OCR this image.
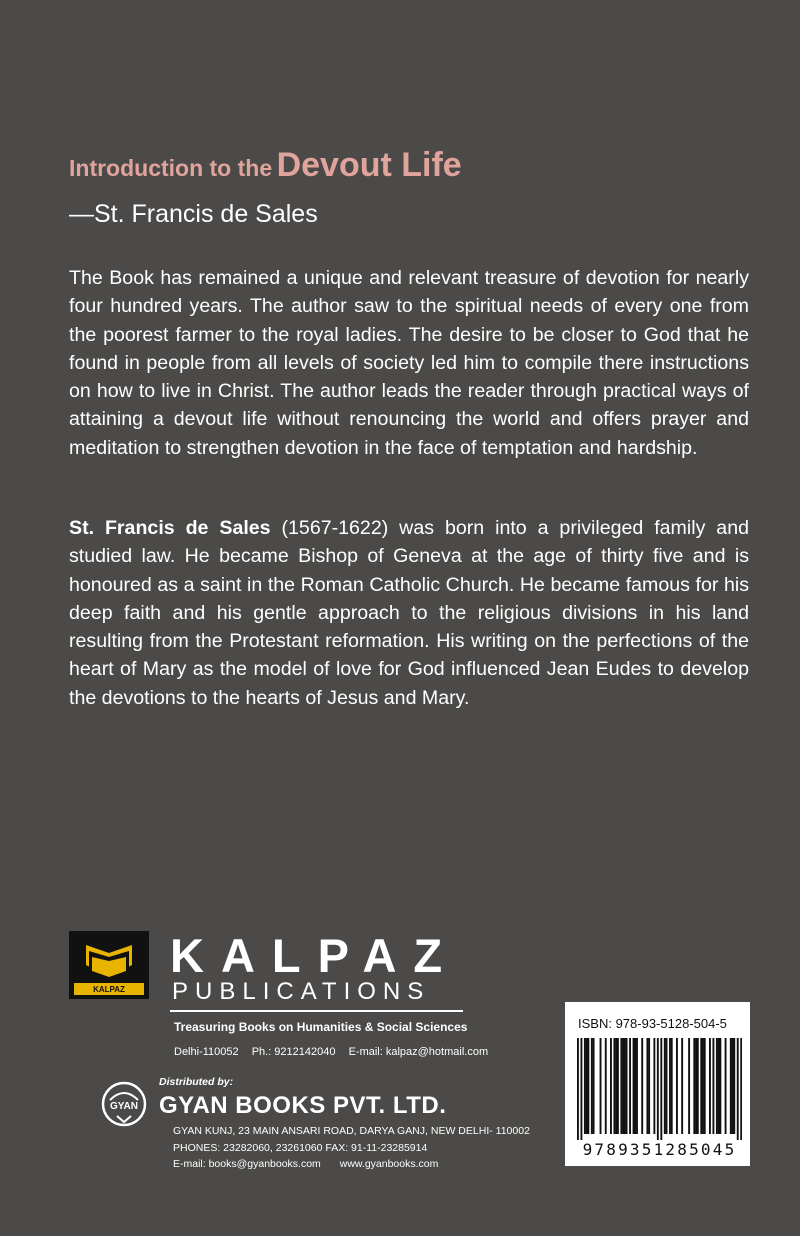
Introduction to the Devout Life
—St. Francis de Sales

The Book has remained a unique and relevant treasure of devotion for nearly four hundred years. The author saw to the spiritual needs of every one from the poorest farmer to the royal ladies. The desire to be closer to God that he found in people from all levels of society led him to compile there instructions on how to live in Christ. The author leads the reader through practical ways of attaining a devout life without renouncing the world and offers prayer and meditation to strengthen devotion in the face of temptation and hardship.

St. Francis de Sales (1567-1622) was born into a privileged family and studied law. He became Bishop of Geneva at the age of thirty five and is honoured as a saint in the Roman Catholic Church. He became famous for his deep faith and his gentle approach to the religious divisions in his land resulting from the Protestant reformation. His writing on the perfections of the heart of Mary as the model of love for God influenced Jean Eudes to develop the devotions to the hearts of Jesus and Mary.

KALPAZ
KALPAZ
PUBLICATIONS
Treasuring Books on Humanities & Social Sciences
Delhi-110052 Ph.: 9212142040 E-mail: kalpaz@hotmail.com
GYAN
Distributed by:
GYAN BOOKS PVT. LTD.
GYAN KUNJ, 23 MAIN ANSARI ROAD, DARYA GANJ, NEW DELHI- 110002
PHONES: 23282060, 23261060 FAX: 91-11-23285914
E-mail: books@gyanbooks.com www.gyanbooks.com
ISBN: 978-93-5128-504-5
9789351285045
